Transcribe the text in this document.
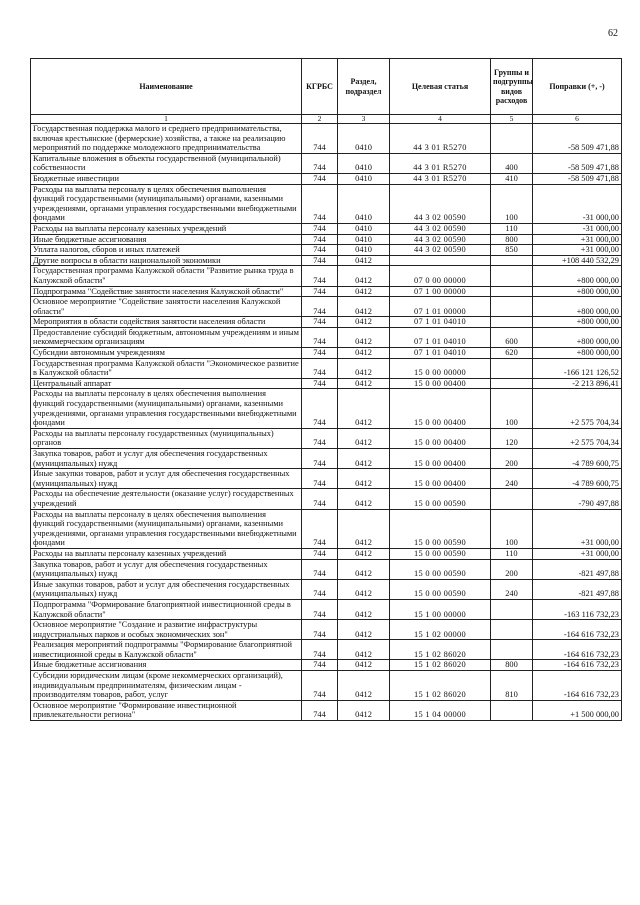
62
Наименование	КГРБС	Раздел, подраздел	Целевая статья	Группы и подгруппы видов расходов	Поправки (+, -)
1	2	3	4	5	6
Государственная поддержка малого и среднего предпринимательства, включая крестьянские (фермерские) хозяйства, а также на реализацию мероприятий по поддержке молодежного предпринимательства	744	0410	44 3 01 R5270		-58 509 471,88
Капитальные вложения в объекты государственной (муниципальной) собственности	744	0410	44 3 01 R5270	400	-58 509 471,88
Бюджетные инвестиции	744	0410	44 3 01 R5270	410	-58 509 471,88
Расходы на выплаты персоналу в целях обеспечения выполнения функций государственными (муниципальными) органами, казенными учреждениями, органами управления государственными внебюджетными фондами	744	0410	44 3 02 00590	100	-31 000,00
Расходы на выплаты персоналу казенных учреждений	744	0410	44 3 02 00590	110	-31 000,00
Иные бюджетные ассигнования	744	0410	44 3 02 00590	800	+31 000,00
Уплата налогов, сборов и иных платежей	744	0410	44 3 02 00590	850	+31 000,00
Другие вопросы в области национальной экономики	744	0412			+108 440 532,29
Государственная программа Калужской области "Развитие рынка труда в Калужской области"	744	0412	07 0 00 00000		+800 000,00
Подпрограмма "Содействие занятости населения Калужской области"	744	0412	07 1 00 00000		+800 000,00
Основное мероприятие "Содействие занятости населения Калужской области"	744	0412	07 1 01 00000		+800 000,00
Мероприятия в области содействия занятости населения области	744	0412	07 1 01 04010		+800 000,00
Предоставление субсидий бюджетным, автономным учреждениям и иным некоммерческим организациям	744	0412	07 1 01 04010	600	+800 000,00
Субсидии автономным учреждениям	744	0412	07 1 01 04010	620	+800 000,00
Государственная программа Калужской области "Экономическое развитие в Калужской области"	744	0412	15 0 00 00000		-166 121 126,52
Центральный аппарат	744	0412	15 0 00 00400		-2 213 896,41
Расходы на выплаты персоналу в целях обеспечения выполнения функций государственными (муниципальными) органами, казенными учреждениями, органами управления государственными внебюджетными фондами	744	0412	15 0 00 00400	100	+2 575 704,34
Расходы на выплаты персоналу государственных (муниципальных) органов	744	0412	15 0 00 00400	120	+2 575 704,34
Закупка товаров, работ и услуг для обеспечения государственных (муниципальных) нужд	744	0412	15 0 00 00400	200	-4 789 600,75
Иные закупки товаров, работ и услуг для обеспечения государственных (муниципальных) нужд	744	0412	15 0 00 00400	240	-4 789 600,75
Расходы на обеспечение деятельности (оказание услуг) государственных учреждений	744	0412	15 0 00 00590		-790 497,88
Расходы на выплаты персоналу в целях обеспечения выполнения функций государственными (муниципальными) органами, казенными учреждениями, органами управления государственными внебюджетными фондами	744	0412	15 0 00 00590	100	+31 000,00
Расходы на выплаты персоналу казенных учреждений	744	0412	15 0 00 00590	110	+31 000,00
Закупка товаров, работ и услуг для обеспечения государственных (муниципальных) нужд	744	0412	15 0 00 00590	200	-821 497,88
Иные закупки товаров, работ и услуг для обеспечения государственных (муниципальных) нужд	744	0412	15 0 00 00590	240	-821 497,88
Подпрограмма "Формирование благоприятной инвестиционной среды в Калужской области"	744	0412	15 1 00 00000		-163 116 732,23
Основное мероприятие "Создание и развитие инфраструктуры индустриальных парков и особых экономических зон"	744	0412	15 1 02 00000		-164 616 732,23
Реализация мероприятий подпрограммы "Формирование благоприятной инвестиционной среды в Калужской области"	744	0412	15 1 02 86020		-164 616 732,23
Иные бюджетные ассигнования	744	0412	15 1 02 86020	800	-164 616 732,23
Субсидии юридическим лицам (кроме некоммерческих организаций), индивидуальным предпринимателям, физическим лицам - производителям товаров, работ, услуг	744	0412	15 1 02 86020	810	-164 616 732,23
Основное мероприятие "Формирование инвестиционной привлекательности региона"	744	0412	15 1 04 00000		+1 500 000,00
